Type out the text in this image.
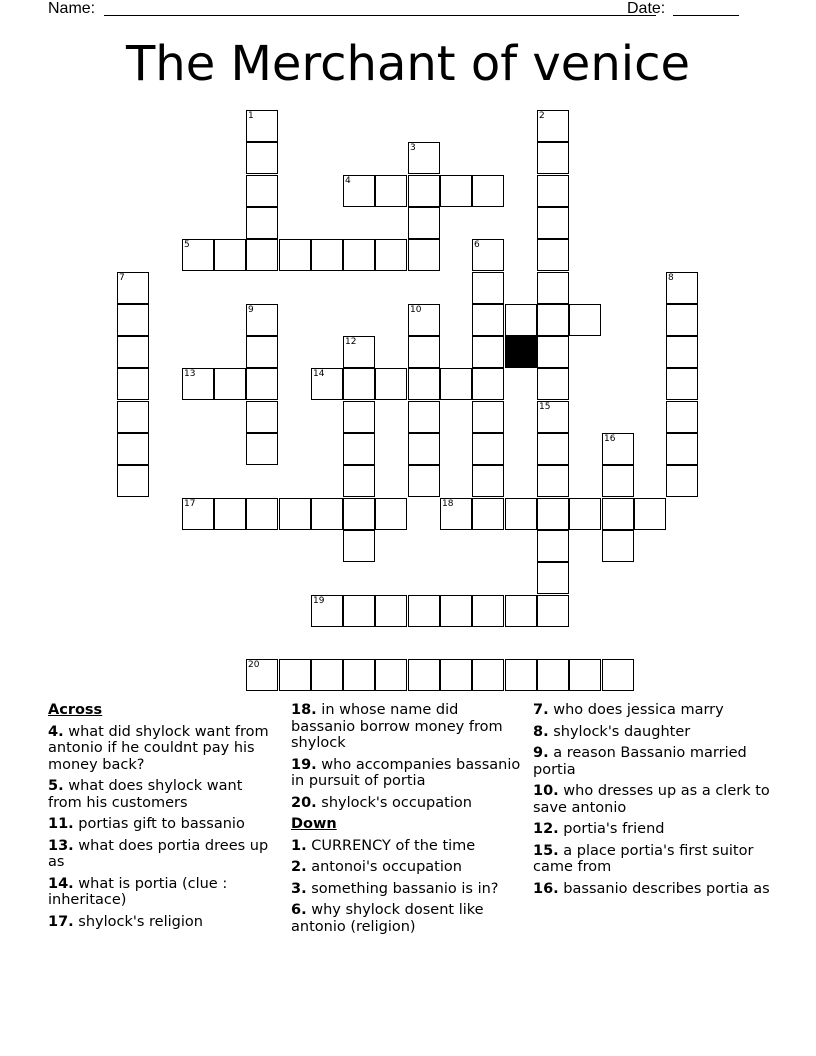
Name:	Date:
The Merchant of venice
1	2
3
4
5	6
7	8
9	10
12
13	14
15
16
17	18
19
20
Across
4. what did shylock want from antonio if he couldnt pay his money back?
5. what does shylock want from his customers
11. portias gift to bassanio
13. what does portia drees up as
14. what is portia (clue : inheritace)
17. shylock's religion
18. in whose name did bassanio borrow money from shylock
19. who accompanies bassanio in pursuit of portia
20. shylock's occupation
Down
1. CURRENCY of the time
2. antonoi's occupation
3. something bassanio is in?
6. why shylock dosent like antonio (religion)
7. who does jessica marry
8. shylock's daughter
9. a reason Bassanio married portia
10. who dresses up as a clerk to save antonio
12. portia's friend
15. a place portia's first suitor came from
16. bassanio describes portia as
